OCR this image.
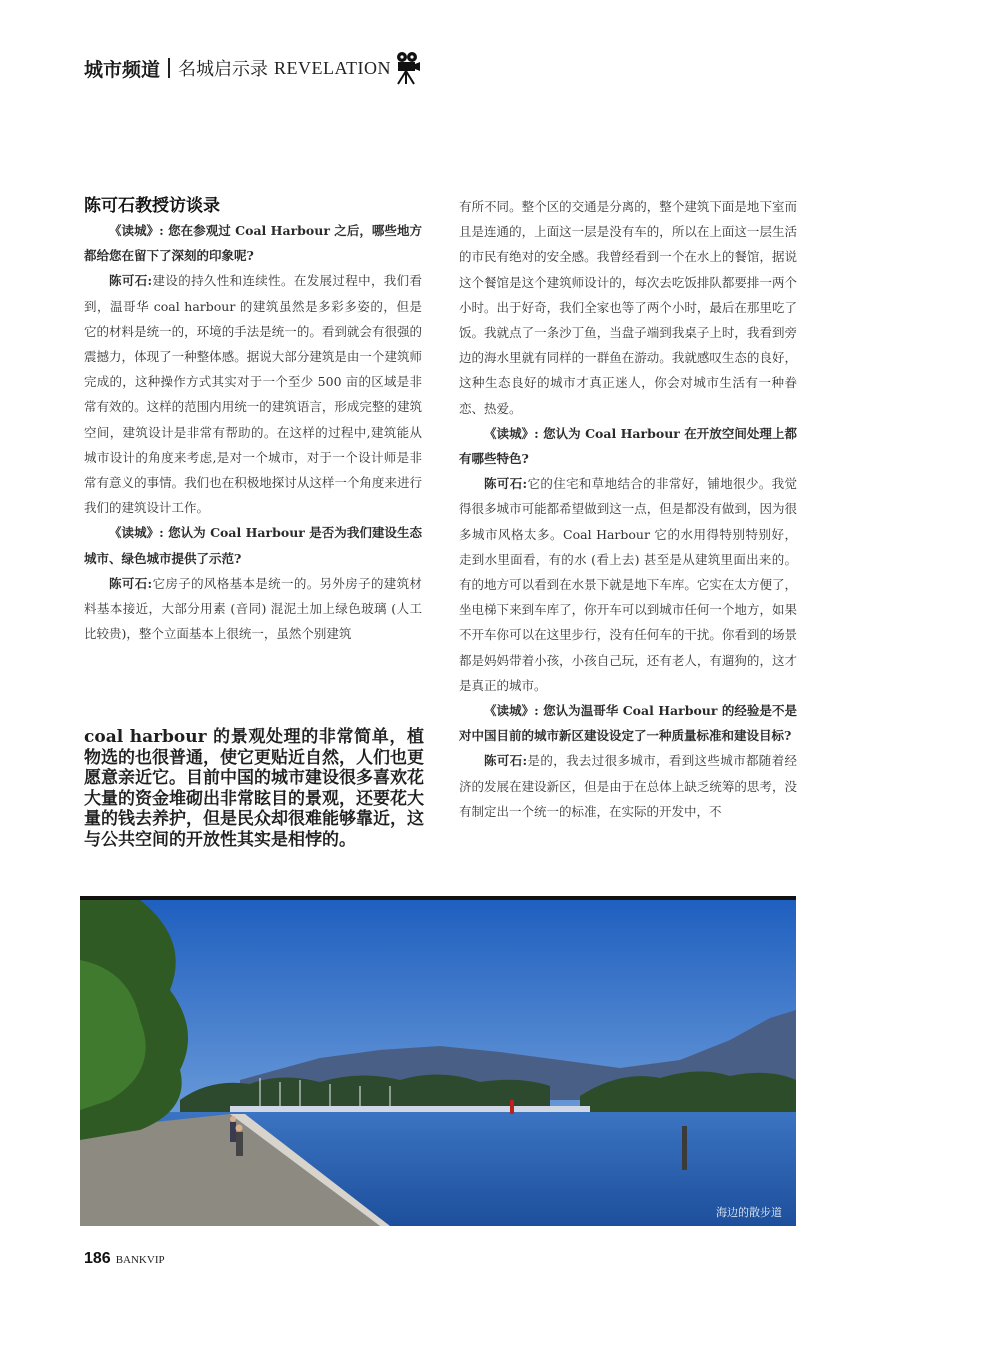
城市频道 名城启示录 REVELATION
陈可石教授访谈录

《读城》: 您在参观过 Coal Harbour 之后，哪些地方都给您在留下了深刻的印象呢?

陈可石:建设的持久性和连续性。在发展过程中，我们看到，温哥华 coal harbour 的建筑虽然是多彩多姿的，但是它的材料是统一的，环境的手法是统一的。看到就会有很强的震撼力，体现了一种整体感。据说大部分建筑是由一个建筑师完成的，这种操作方式其实对于一个至少 500 亩的区域是非常有效的。这样的范围内用统一的建筑语言，形成完整的建筑空间，建筑设计是非常有帮助的。在这样的过程中,建筑能从城市设计的角度来考虑,是对一个城市，对于一个设计师是非常有意义的事情。我们也在积极地探讨从这样一个角度来进行我们的建筑设计工作。

《读城》: 您认为 Coal Harbour 是否为我们建设生态城市、绿色城市提供了示范?

陈可石:它房子的风格基本是统一的。另外房子的建筑材料基本接近，大部分用素 (音同) 混泥土加上绿色玻璃 (人工比较贵)，整个立面基本上很统一，虽然个别建筑

coal harbour 的景观处理的非常简单，植物选的也很普通，使它更贴近自然，人们也更愿意亲近它。目前中国的城市建设很多喜欢花大量的资金堆砌出非常眩目的景观，还要花大量的钱去养护，但是民众却很难能够靠近，这与公共空间的开放性其实是相悖的。

有所不同。整个区的交通是分离的，整个建筑下面是地下室而且是连通的，上面这一层是没有车的，所以在上面这一层生活的市民有绝对的安全感。我曾经看到一个在水上的餐馆，据说这个餐馆是这个建筑师设计的，每次去吃饭排队都要排一两个小时。出于好奇，我们全家也等了两个小时，最后在那里吃了饭。我就点了一条沙丁鱼，当盘子端到我桌子上时，我看到旁边的海水里就有同样的一群鱼在游动。我就感叹生态的良好，这种生态良好的城市才真正迷人，你会对城市生活有一种眷恋、热爱。

《读城》: 您认为 Coal Harbour 在开放空间处理上都有哪些特色?

陈可石:它的住宅和草地结合的非常好，铺地很少。我觉得很多城市可能都希望做到这一点，但是都没有做到，因为很多城市风格太多。Coal Harbour 它的水用得特别特别好，走到水里面看，有的水 (看上去) 甚至是从建筑里面出来的。有的地方可以看到在水景下就是地下车库。它实在太方便了，坐电梯下来到车库了，你开车可以到城市任何一个地方，如果不开车你可以在这里步行，没有任何车的干扰。你看到的场景都是妈妈带着小孩，小孩自己玩，还有老人，有遛狗的，这才是真正的城市。

《读城》: 您认为温哥华 Coal Harbour 的经验是不是对中国目前的城市新区建设设定了一种质量标准和建设目标?

陈可石:是的，我去过很多城市，看到这些城市都随着经济的发展在建设新区，但是由于在总体上缺乏统筹的思考，没有制定出一个统一的标准，在实际的开发中，不

海边的散步道
186 BANKVIP
